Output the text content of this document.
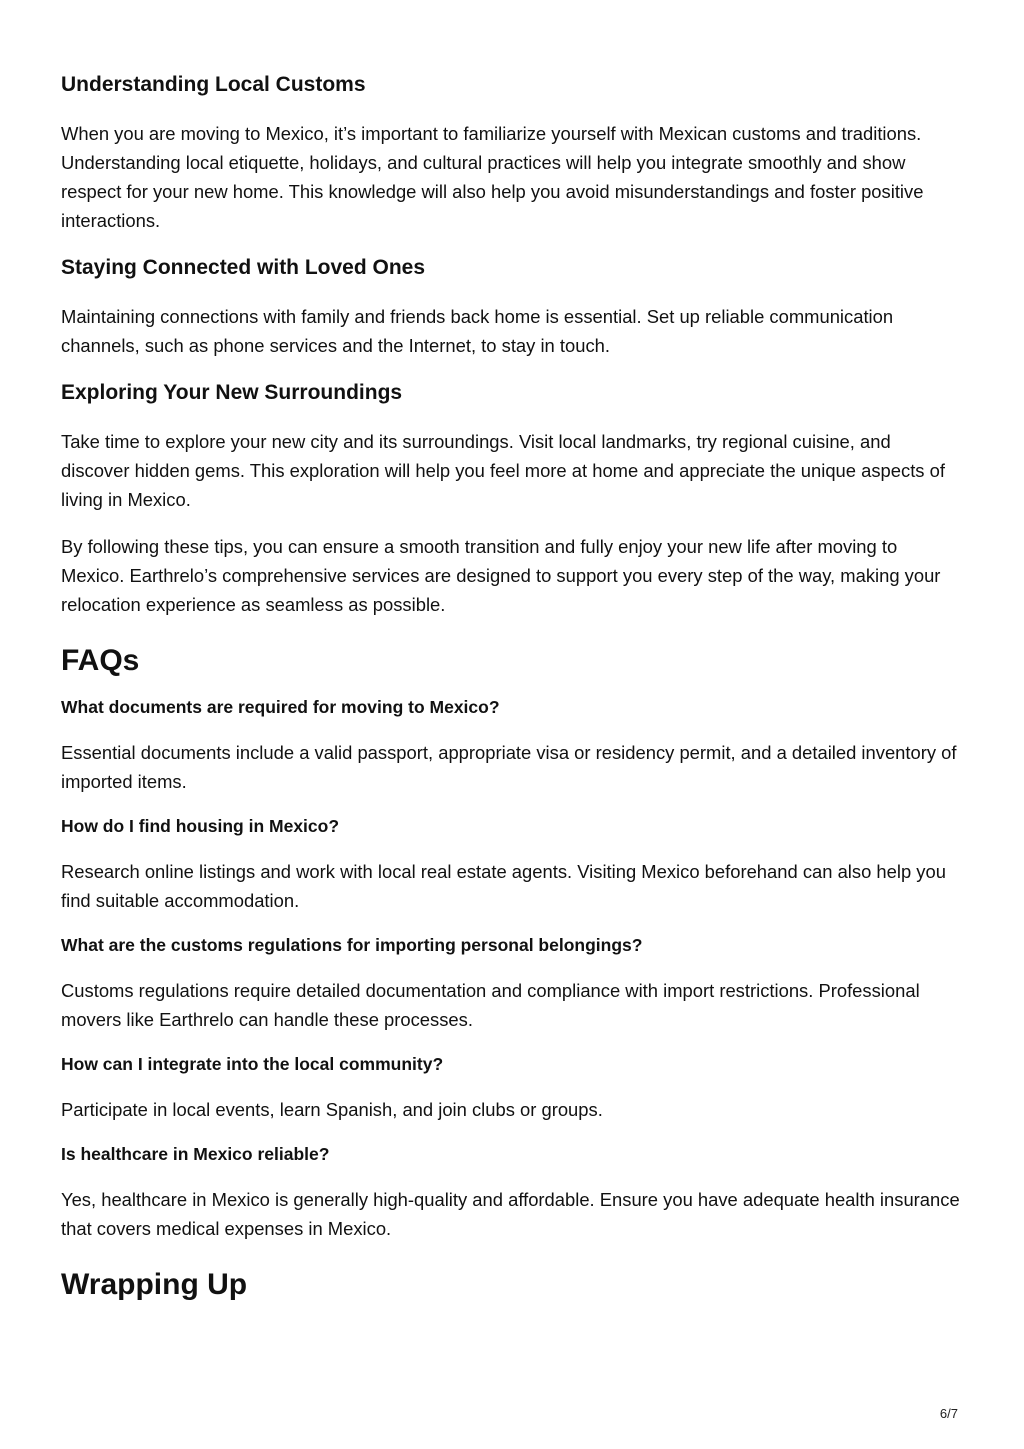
Understanding Local Customs

When you are moving to Mexico, it’s important to familiarize yourself with Mexican customs and traditions. Understanding local etiquette, holidays, and cultural practices will help you integrate smoothly and show respect for your new home. This knowledge will also help you avoid misunderstandings and foster positive interactions.

Staying Connected with Loved Ones

Maintaining connections with family and friends back home is essential. Set up reliable communication channels, such as phone services and the Internet, to stay in touch.

Exploring Your New Surroundings

Take time to explore your new city and its surroundings. Visit local landmarks, try regional cuisine, and discover hidden gems. This exploration will help you feel more at home and appreciate the unique aspects of living in Mexico.

By following these tips, you can ensure a smooth transition and fully enjoy your new life after moving to Mexico. Earthrelo’s comprehensive services are designed to support you every step of the way, making your relocation experience as seamless as possible.

FAQs
What documents are required for moving to Mexico?

Essential documents include a valid passport, appropriate visa or residency permit, and a detailed inventory of imported items.

How do I find housing in Mexico?

Research online listings and work with local real estate agents. Visiting Mexico beforehand can also help you find suitable accommodation.

What are the customs regulations for importing personal belongings?

Customs regulations require detailed documentation and compliance with import restrictions. Professional movers like Earthrelo can handle these processes.

How can I integrate into the local community?

Participate in local events, learn Spanish, and join clubs or groups.

Is healthcare in Mexico reliable?

Yes, healthcare in Mexico is generally high-quality and affordable. Ensure you have adequate health insurance that covers medical expenses in Mexico.

Wrapping Up
6/7
